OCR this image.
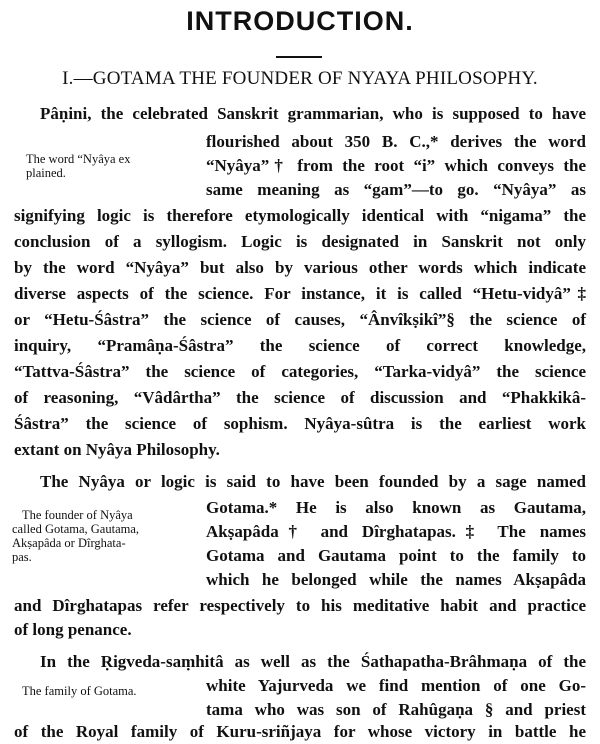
INTRODUCTION.
I.—GOTAMA THE FOUNDER OF NYAYA PHILOSOPHY.
The word “Nyâya ex
plained.
The founder of Nyâya
called Gotama, Gautama,
Akṣapâda or Dîrghata-
pas.
The family of Gotama.
Pâṇini, the celebrated Sanskrit grammarian, who is supposed to have
flourished about 350 B. C.,* derives the word
“Nyâya”† from the root “i” which conveys the
same meaning as “gam”—to go. “Nyâya” as
signifying logic is therefore etymologically identical with “nigama” the
conclusion of a syllogism. Logic is designated in Sanskrit not only
by the word “Nyâya” but also by various other words which indicate
diverse aspects of the science. For instance, it is called “Hetu-vidyâ”‡
or “Hetu-Śâstra” the science of causes, “Ânvîkṣikî”§ the science of
inquiry, “Pramâṇa-Śâstra” the science of correct knowledge,
“Tattva-Śâstra” the science of categories, “Tarka-vidyâ” the science
of reasoning, “Vâdârtha” the science of discussion and “Phakkikâ-
Śâstra” the science of sophism. Nyâya-sûtra is the earliest work
extant on Nyâya Philosophy.
The Nyâya or logic is said to have been founded by a sage named
Gotama.* He is also known as Gautama,
Akṣapâda† and Dîrghatapas.‡ The names
Gotama and Gautama point to the family to
which he belonged while the names Akṣapâda
and Dîrghatapas refer respectively to his meditative habit and practice
of long penance.
In the Ṛigveda-saṃhitâ as well as the Śathapatha-Brâhmaṇa of the
white Yajurveda we find mention of one Go-
tama who was son of Rahûgaṇa § and priest
of the Royal family of Kuru-sriñjaya for whose victory in battle he
